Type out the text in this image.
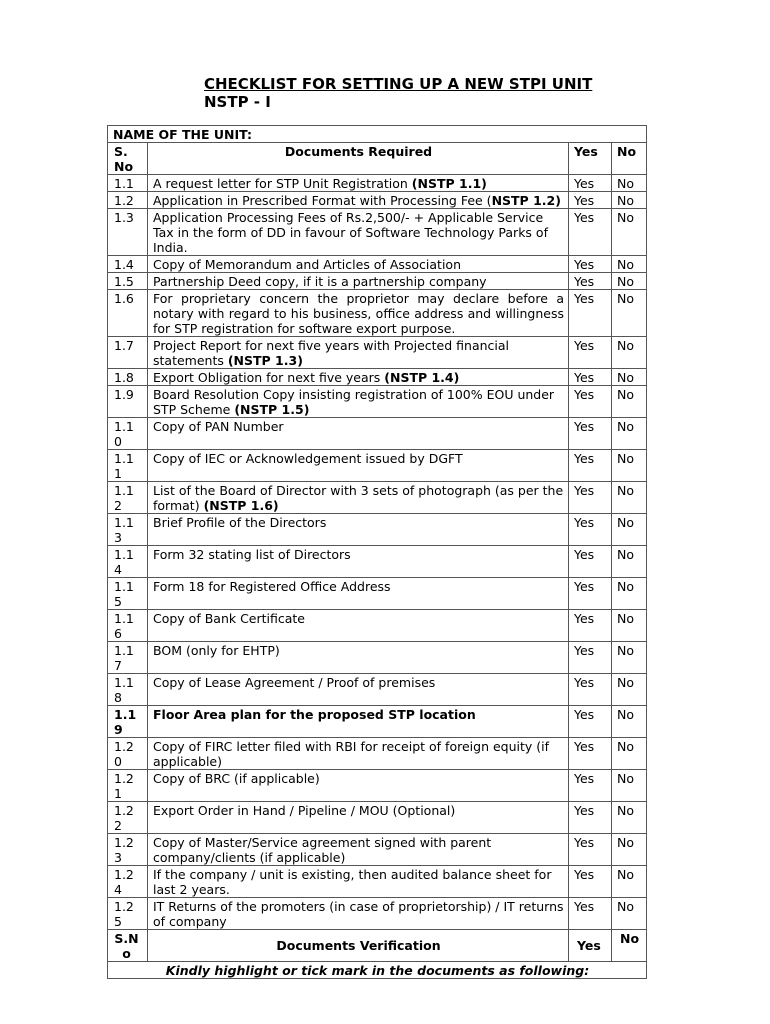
CHECKLIST FOR SETTING UP A NEW STPI UNIT
NSTP - I
NAME OF THE UNIT:			
S. No	Documents Required	Yes	No
1.1	A request letter for STP Unit Registration (NSTP 1.1)	Yes	No
1.2	Application in Prescribed Format with Processing Fee (NSTP 1.2)	Yes	No
1.3	Application Processing Fees of Rs.2,500/- + Applicable Service Tax in the form of DD in favour of Software Technology Parks of India.	Yes	No
1.4	Copy of Memorandum and Articles of Association	Yes	No
1.5	Partnership Deed copy, if it is a partnership company	Yes	No
1.6	For proprietary concern the proprietor may declare before a notary with regard to his business, office address and willingness for STP registration for software export purpose.	Yes	No
1.7	Project Report for next five years with Projected financial statements (NSTP 1.3)	Yes	No
1.8	Export Obligation for next five years (NSTP 1.4)	Yes	No
1.9	Board Resolution Copy insisting registration of 100% EOU under STP Scheme (NSTP 1.5)	Yes	No
1.1 0	Copy of PAN Number	Yes	No
1.1 1	Copy of IEC or Acknowledgement issued by DGFT	Yes	No
1.1 2	List of the Board of Director with 3 sets of photograph (as per the format) (NSTP 1.6)	Yes	No
1.1 3	Brief Profile of the Directors	Yes	No
1.1 4	Form 32 stating list of Directors	Yes	No
1.1 5	Form 18 for Registered Office Address	Yes	No
1.1 6	Copy of Bank Certificate	Yes	No
1.1 7	BOM (only for EHTP)	Yes	No
1.1 8	Copy of Lease Agreement / Proof of premises	Yes	No
1.1 9	Floor Area plan for the proposed STP location	Yes	No
1.2 0	Copy of FIRC letter filed with RBI for receipt of foreign equity (if applicable)	Yes	No
1.2 1	Copy of BRC (if applicable)	Yes	No
1.2 2	Export Order in Hand / Pipeline / MOU (Optional)	Yes	No
1.2 3	Copy of Master/Service agreement signed with parent company/clients (if applicable)	Yes	No
1.2 4	If the company / unit is existing, then audited balance sheet for last 2 years.	Yes	No
1.2 5	IT Returns of the promoters (in case of proprietorship) / IT returns of company	Yes	No
S.N o	Documents Verification	Yes	No
Kindly highlight or tick mark in the documents as following:			
